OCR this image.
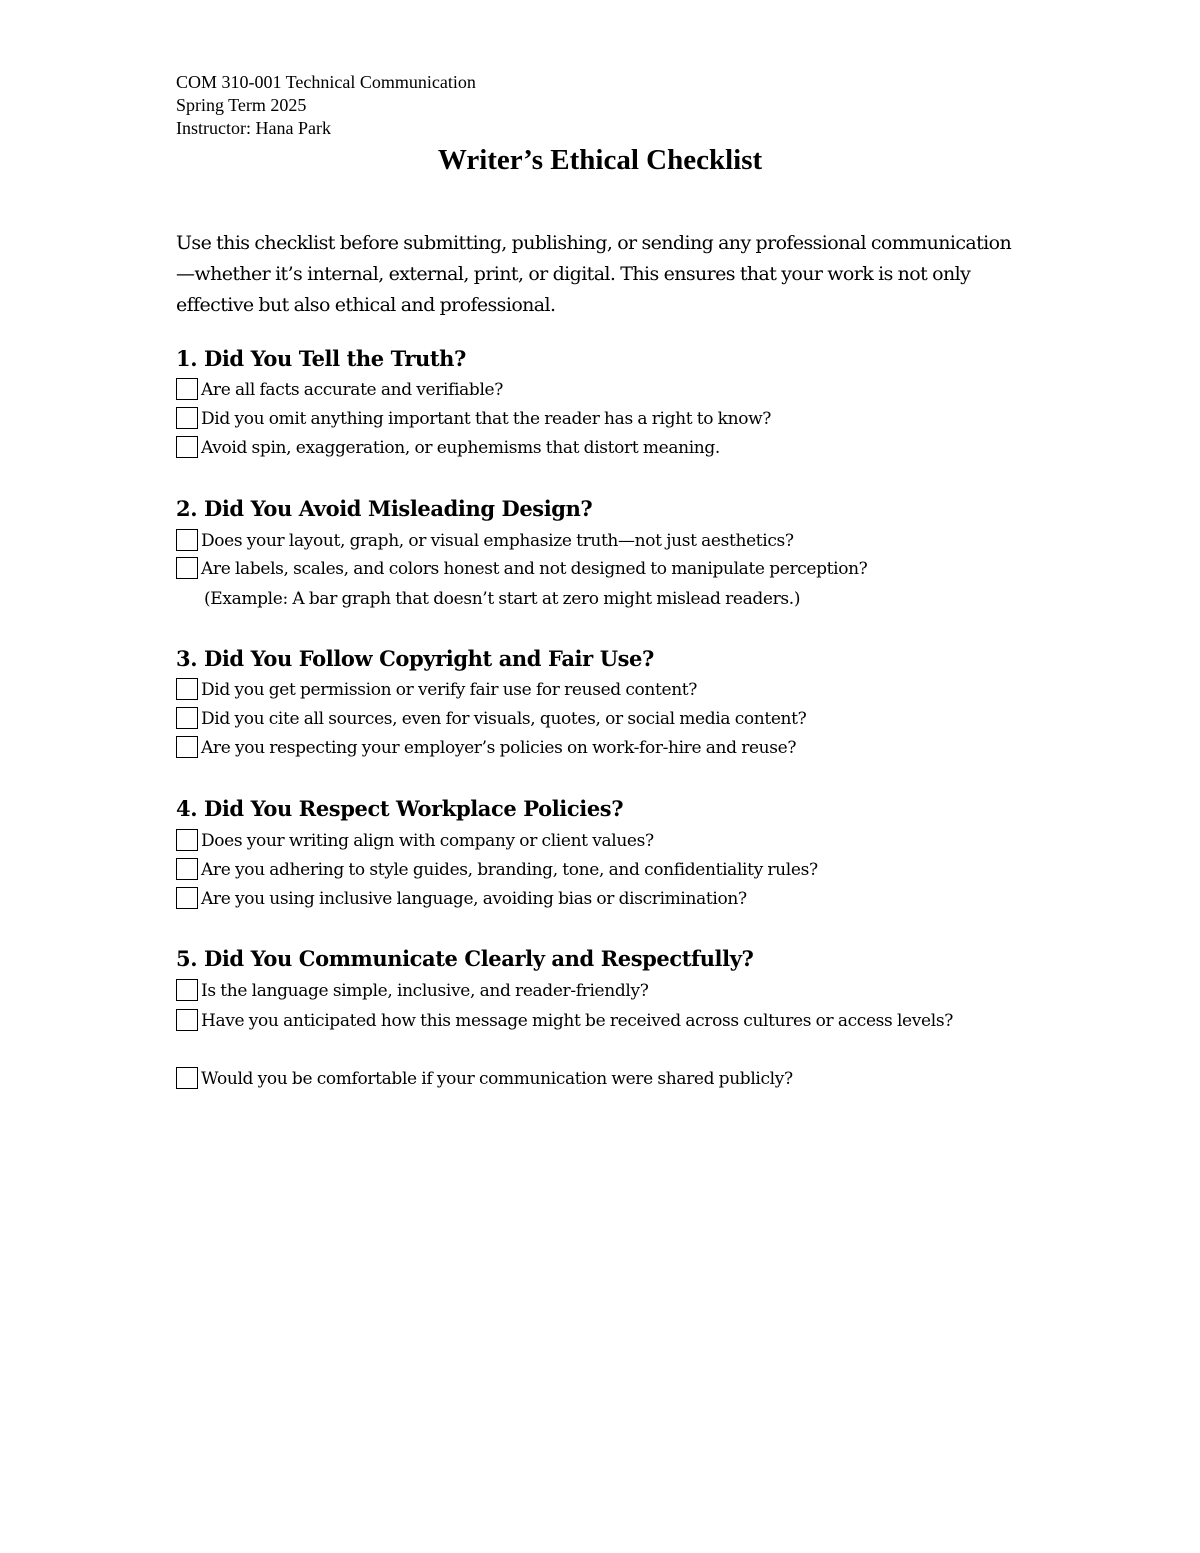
COM 310-001 Technical Communication
Spring Term 2025
Instructor: Hana Park
Writer’s Ethical Checklist
Use this checklist before submitting, publishing, or sending any professional communication—whether it’s internal, external, print, or digital. This ensures that your work is not only effective but also ethical and professional.
1. Did You Tell the Truth?
Are all facts accurate and verifiable?
Did you omit anything important that the reader has a right to know?
Avoid spin, exaggeration, or euphemisms that distort meaning.
2. Did You Avoid Misleading Design?
Does your layout, graph, or visual emphasize truth—not just aesthetics?
Are labels, scales, and colors honest and not designed to manipulate perception?
(Example: A bar graph that doesn’t start at zero might mislead readers.)
3. Did You Follow Copyright and Fair Use?
Did you get permission or verify fair use for reused content?
Did you cite all sources, even for visuals, quotes, or social media content?
Are you respecting your employer’s policies on work-for-hire and reuse?
4. Did You Respect Workplace Policies?
Does your writing align with company or client values?
Are you adhering to style guides, branding, tone, and confidentiality rules?
Are you using inclusive language, avoiding bias or discrimination?
5. Did You Communicate Clearly and Respectfully?
Is the language simple, inclusive, and reader-friendly?
Have you anticipated how this message might be received across cultures or access levels?
Would you be comfortable if your communication were shared publicly?
